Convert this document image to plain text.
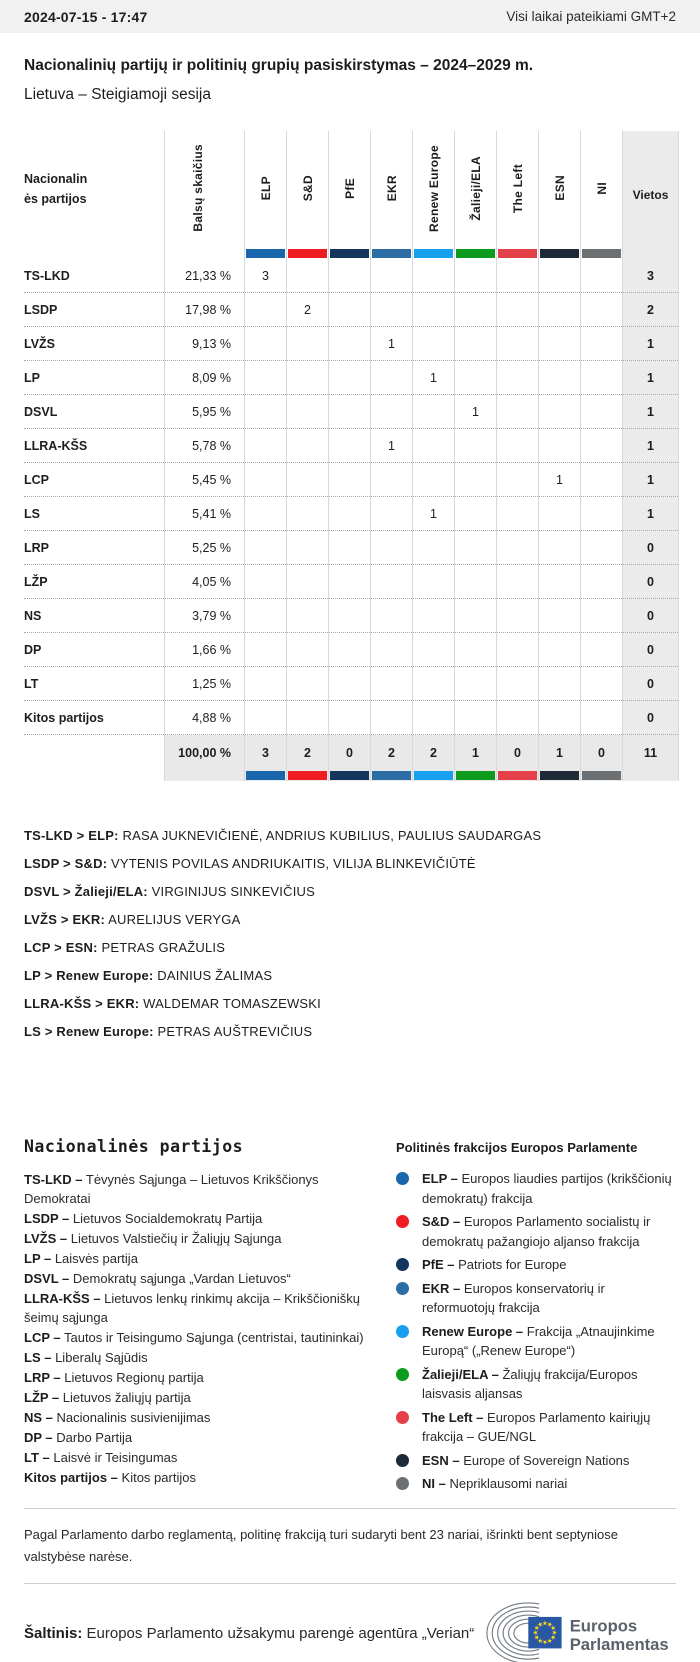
2024-07-15 - 17:47	Visi laikai pateikiami GMT+2
Nacionalinių partijų ir politinių grupių pasiskirstymas – 2024–2029 m.
Lietuva – Steigiamoji sesija
Nacionalinės partijos	Balsų skaičius	ELP	S&D	PfE	EKR	Renew Europe	Žalieji/ELA	The Left	ESN	NI	Vietos

TS-LKD	21,33 %	3									3
LSDP	17,98 %		2								2
LVŽS	9,13 %				1						1
LP	8,09 %					1					1
DSVL	5,95 %						1				1
LLRA-KŠS	5,78 %				1						1
LCP	5,45 %								1		1
LS	5,41 %					1					1
LRP	5,25 %										0
LŽP	4,05 %										0
NS	3,79 %										0
DP	1,66 %										0
LT	1,25 %										0
Kitos partijos	4,88 %										0
	100,00 %	3	2	0	2	2	1	0	1	0	11

TS-LKD > ELP: RASA JUKNEVIČIENĖ, ANDRIUS KUBILIUS, PAULIUS SAUDARGAS

LSDP > S&D: VYTENIS POVILAS ANDRIUKAITIS, VILIJA BLINKEVIČIŪTĖ

DSVL > Žalieji/ELA: VIRGINIJUS SINKEVIČIUS

LVŽS > EKR: AURELIJUS VERYGA

LCP > ESN: PETRAS GRAŽULIS

LP > Renew Europe: DAINIUS ŽALIMAS

LLRA-KŠS > EKR: WALDEMAR TOMASZEWSKI

LS > Renew Europe: PETRAS AUŠTREVIČIUS

Nacionalinės partijos

TS-LKD – Tėvynės Sąjunga – Lietuvos Krikščionys Demokratai

LSDP – Lietuvos Socialdemokratų Partija

LVŽS – Lietuvos Valstiečių ir Žaliųjų Sąjunga

LP – Laisvės partija

DSVL – Demokratų sąjunga „Vardan Lietuvos“

LLRA-KŠS – Lietuvos lenkų rinkimų akcija – Krikščioniškų šeimų sąjunga

LCP – Tautos ir Teisingumo Sąjunga (centristai, tautininkai)

LS – Liberalų Sąjūdis

LRP – Lietuvos Regionų partija

LŽP – Lietuvos žaliųjų partija

NS – Nacionalinis susivienijimas

DP – Darbo Partija

LT – Laisvė ir Teisingumas

Kitos partijos – Kitos partijos

Politinės frakcijos Europos Parlamente

ELP – Europos liaudies partijos (krikščionių demokratų) frakcija

S&D – Europos Parlamento socialistų ir demokratų pažangiojo aljanso frakcija

PfE – Patriots for Europe

EKR – Europos konservatorių ir reformuotojų frakcija

Renew Europe – Frakcija „Atnaujinkime Europą“ („Renew Europe“)

Žalieji/ELA – Žaliųjų frakcija/Europos laisvasis aljansas

The Left – Europos Parlamento kairiųjų frakcija – GUE/NGL

ESN – Europe of Sovereign Nations

NI – Nepriklausomi nariai

Pagal Parlamento darbo reglamentą, politinę frakciją turi sudaryti bent 23 nariai, išrinkti bent septyniose valstybėse narėse.

Šaltinis: Europos Parlamento užsakymu parengė agentūra „Verian“	Europos
Parlamentas
